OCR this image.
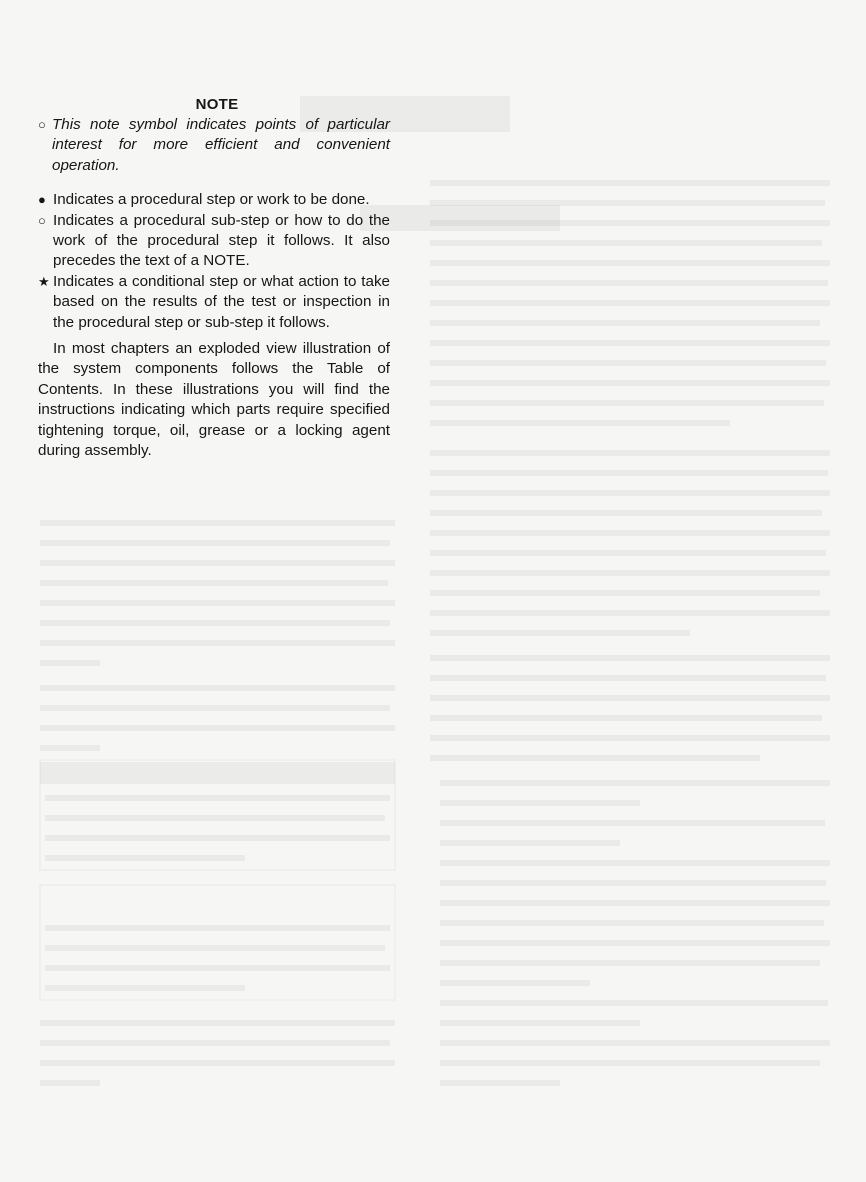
NOTE

○ This note symbol indicates points of particular interest for more efficient and convenient operation.

● Indicates a procedural step or work to be done.

○ Indicates a procedural sub-step or how to do the work of the procedural step it follows. It also precedes the text of a NOTE.

★ Indicates a conditional step or what action to take based on the results of the test or inspection in the procedural step or sub-step it follows.

In most chapters an exploded view illustration of the system components follows the Table of Contents. In these illustrations you will find the instructions indicating which parts require specified tightening torque, oil, grease or a locking agent during assembly.
